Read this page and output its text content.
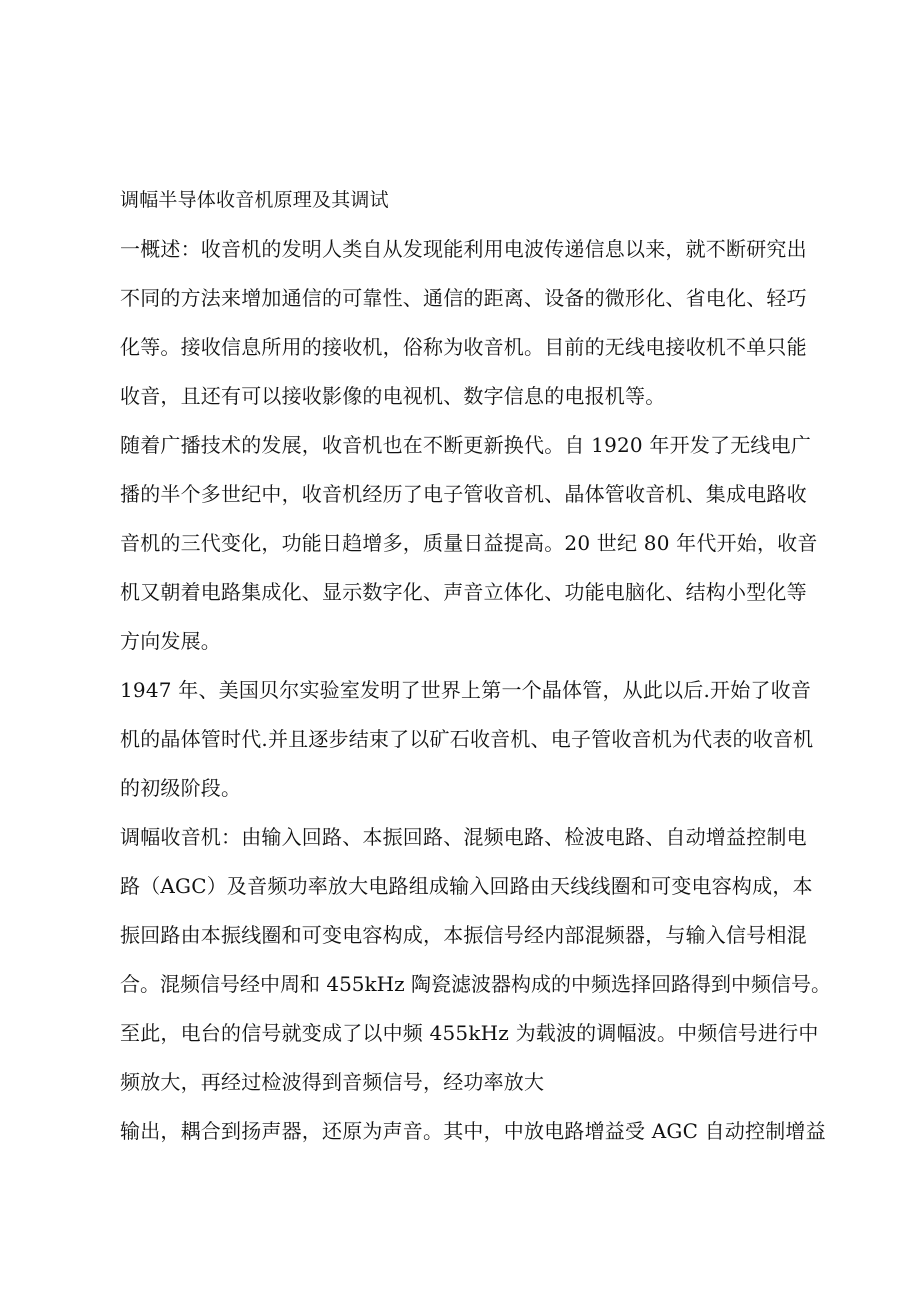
调幅半导体收音机原理及其调试

一概述：收音机的发明人类自从发现能利用电波传递信息以来，就不断研究出

不同的方法来增加通信的可靠性、通信的距离、设备的微形化、省电化、轻巧

化等。接收信息所用的接收机，俗称为收音机。目前的无线电接收机不单只能

收音，且还有可以接收影像的电视机、数字信息的电报机等。

随着广播技术的发展，收音机也在不断更新换代。自 1920 年开发了无线电广

播的半个多世纪中，收音机经历了电子管收音机、晶体管收音机、集成电路收

音机的三代变化，功能日趋增多，质量日益提高。20 世纪 80 年代开始，收音

机又朝着电路集成化、显示数字化、声音立体化、功能电脑化、结构小型化等

方向发展。

1947 年、美国贝尔实验室发明了世界上第一个晶体管，从此以后.开始了收音

机的晶体管时代.并且逐步结束了以矿石收音机、电子管收音机为代表的收音机

的初级阶段。

调幅收音机：由输入回路、本振回路、混频电路、检波电路、自动增益控制电

路（AGC）及音频功率放大电路组成输入回路由天线线圈和可变电容构成，本

振回路由本振线圈和可变电容构成，本振信号经内部混频器，与输入信号相混

合。混频信号经中周和 455kHz 陶瓷滤波器构成的中频选择回路得到中频信号。

至此，电台的信号就变成了以中频 455kHz 为载波的调幅波。中频信号进行中

频放大，再经过检波得到音频信号，经功率放大

输出，耦合到扬声器，还原为声音。其中，中放电路增益受 AGC 自动控制增益
